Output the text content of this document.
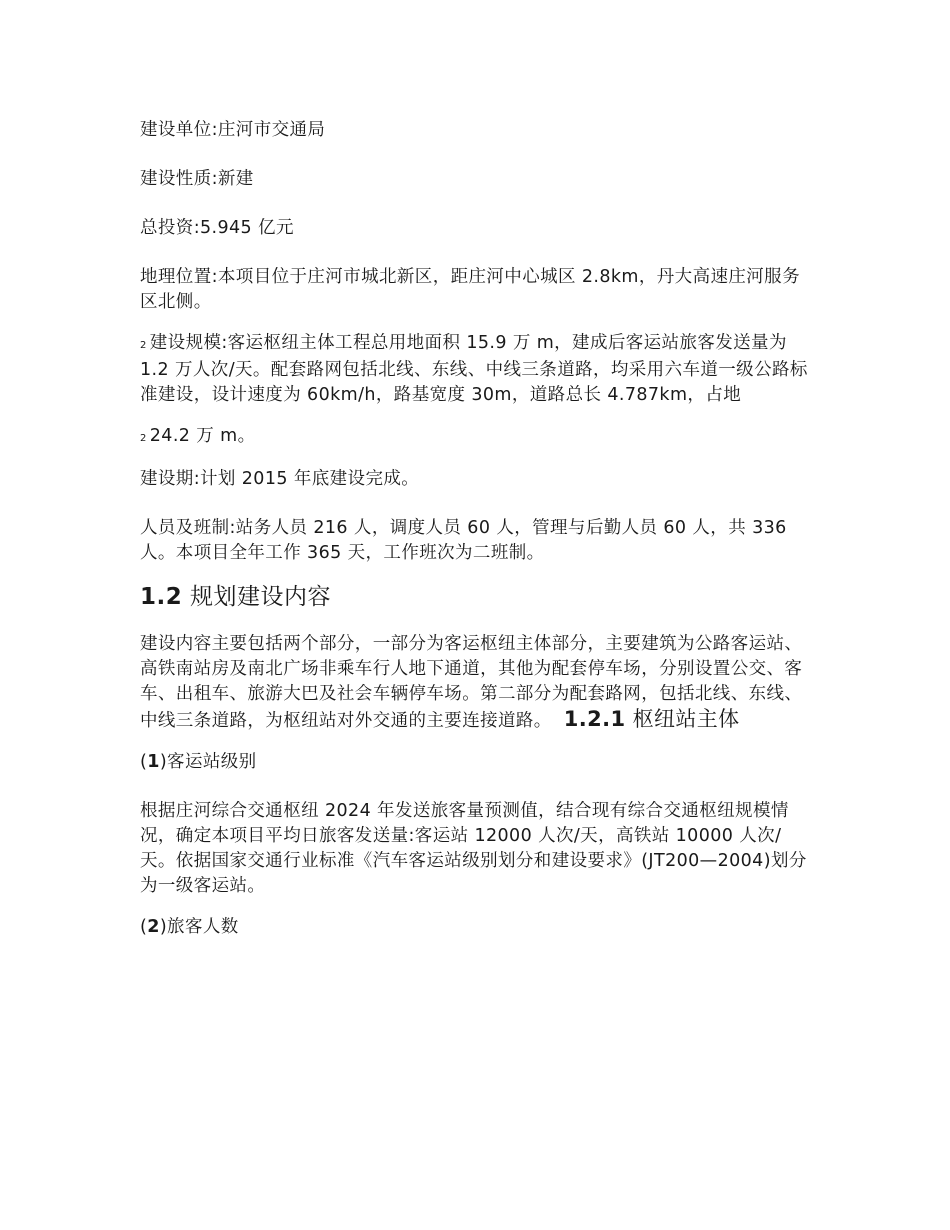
建设单位:庄河市交通局

建设性质:新建

总投资:5.945 亿元

地理位置:本项目位于庄河市城北新区，距庄河中心城区 2.8km，丹大高速庄河服务区北侧。

2 建设规模:客运枢纽主体工程总用地面积 15.9 万 m，建成后客运站旅客发送量为 1.2 万人次/天。配套路网包括北线、东线、中线三条道路，均采用六车道一级公路标准建设，设计速度为 60km/h，路基宽度 30m，道路总长 4.787km，占地

2 24.2 万 m。

建设期:计划 2015 年底建设完成。

人员及班制:站务人员 216 人，调度人员 60 人，管理与后勤人员 60 人，共 336 人。本项目全年工作 365 天，工作班次为二班制。

1.2 规划建设内容

建设内容主要包括两个部分，一部分为客运枢纽主体部分，主要建筑为公路客运站、高铁南站房及南北广场非乘车行人地下通道，其他为配套停车场，分别设置公交、客车、出租车、旅游大巴及社会车辆停车场。第二部分为配套路网，包括北线、东线、中线三条道路，为枢纽站对外交通的主要连接道路。 1.2.1 枢纽站主体

(1)客运站级别

根据庄河综合交通枢纽 2024 年发送旅客量预测值，结合现有综合交通枢纽规模情况，确定本项目平均日旅客发送量:客运站 12000 人次/天，高铁站 10000 人次/天。依据国家交通行业标准《汽车客运站级别划分和建设要求》(JT200—2004)划分为一级客运站。

(2)旅客人数
